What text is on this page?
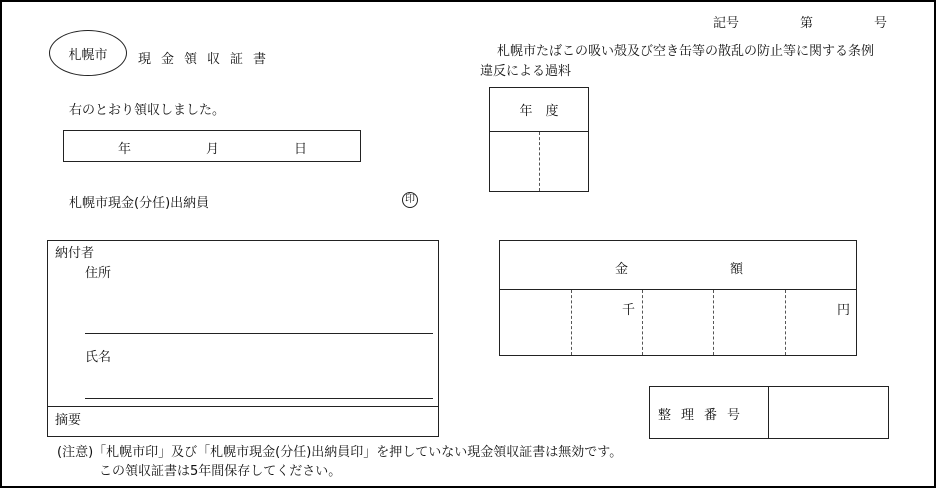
記号	第	号
札幌市 現金領収証書
札幌市たばこの吸い殻及び空き缶等の散乱の防止等に関する条例
違反による過料
右のとおり領収しました。
年	月	日
年　度
札幌市現金(分任)出納員	印
納付者
住所
氏名
摘要
金	額
千	円
整理番号
(注意)「札幌市印」及び「札幌市現金(分任)出納員印」を押していない現金領収証書は無効です。
この領収証書は5年間保存してください。
